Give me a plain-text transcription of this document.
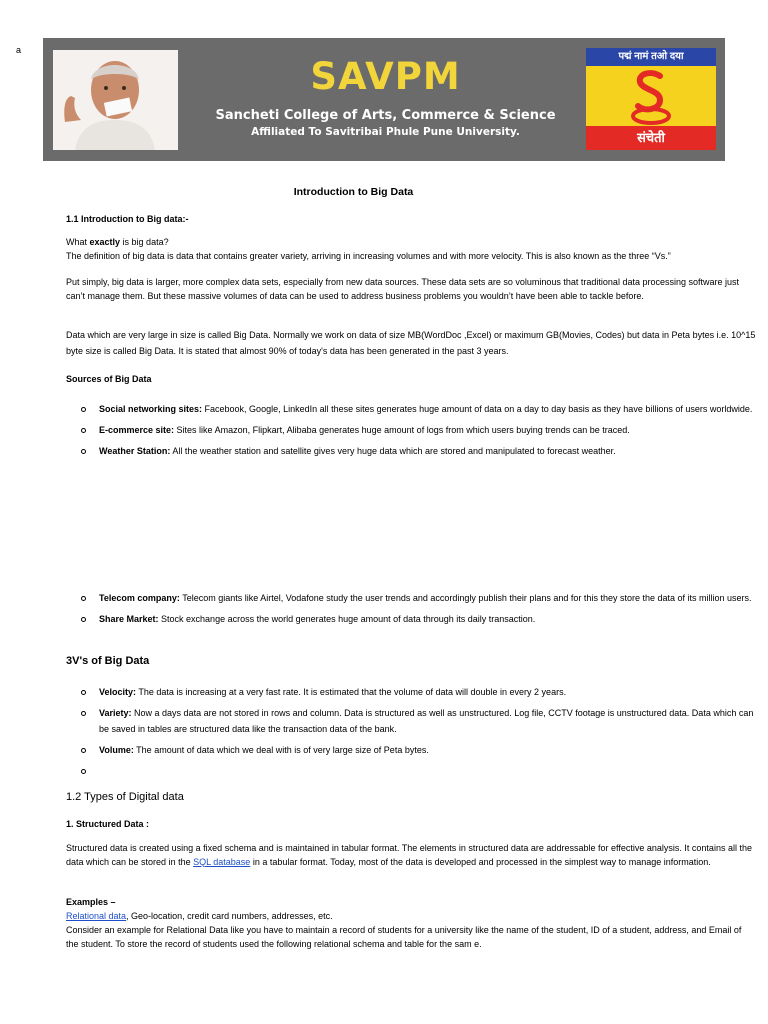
a
SAVPM
Sancheti College of Arts, Commerce & Science
Affiliated To Savitribai Phule Pune University.
पद्मं नामं तओ दया
संचेती
Introduction to Big Data
1.1 Introduction to Big data:-

What exactly is big data?

The definition of big data is data that contains greater variety, arriving in increasing volumes and with more velocity. This is also known as the three “Vs.”

Put simply, big data is larger, more complex data sets, especially from new data sources. These data sets are so voluminous that traditional data processing software just can’t manage them. But these massive volumes of data can be used to address business problems you wouldn’t have been able to tackle before.

Data which are very large in size is called Big Data. Normally we work on data of size MB(WordDoc ,Excel) or maximum GB(Movies, Codes) but data in Peta bytes i.e. 10^15 byte size is called Big Data. It is stated that almost 90% of today's data has been generated in the past 3 years.

Sources of Big Data
Social networking sites: Facebook, Google, LinkedIn all these sites generates huge amount of data on a day to day basis as they have billions of users worldwide.
E-commerce site: Sites like Amazon, Flipkart, Alibaba generates huge amount of logs from which users buying trends can be traced.
Weather Station: All the weather station and satellite gives very huge data which are stored and manipulated to forecast weather.
Telecom company: Telecom giants like Airtel, Vodafone study the user trends and accordingly publish their plans and for this they store the data of its million users.
Share Market: Stock exchange across the world generates huge amount of data through its daily transaction.
3V's of Big Data
Velocity: The data is increasing at a very fast rate. It is estimated that the volume of data will double in every 2 years.
Variety: Now a days data are not stored in rows and column. Data is structured as well as unstructured. Log file, CCTV footage is unstructured data. Data which can be saved in tables are structured data like the transaction data of the bank.
Volume: The amount of data which we deal with is of very large size of Peta bytes.
1.2 Types of Digital data
1. Structured Data :

Structured data is created using a fixed schema and is maintained in tabular format. The elements in structured data are addressable for effective analysis. It contains all the data which can be stored in the SQL database in a tabular format. Today, most of the data is developed and processed in the simplest way to manage information.

Examples –

Relational data, Geo-location, credit card numbers, addresses, etc.

Consider an example for Relational Data like you have to maintain a record of students for a university like the name of the student, ID of a student, address, and Email of the student. To store the record of students used the following relational schema and table for the sam e.
